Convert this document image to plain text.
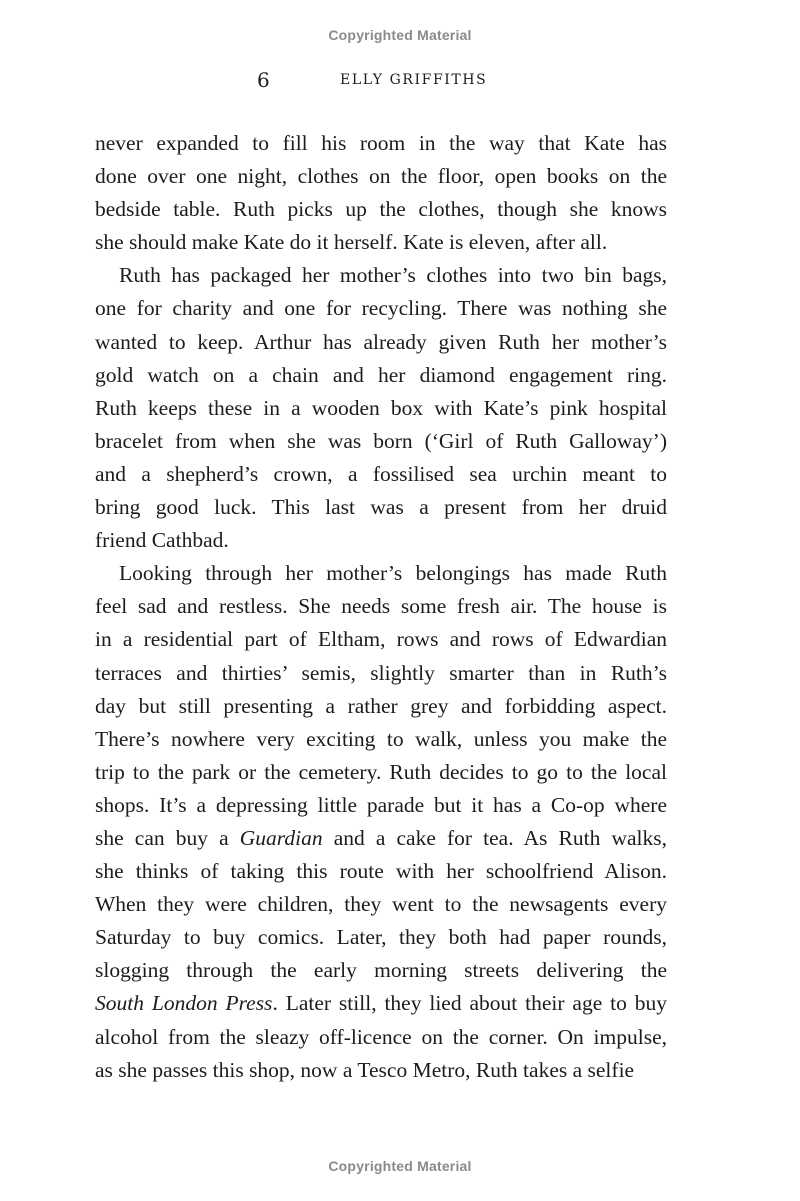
Copyrighted Material
6	ELLY GRIFFITHS
never expanded to fill his room in the way that Kate has
done over one night, clothes on the floor, open books on the
bedside table. Ruth picks up the clothes, though she knows
she should make Kate do it herself. Kate is eleven, after all.
Ruth has packaged her mother’s clothes into two bin bags,
one for charity and one for recycling. There was nothing she
wanted to keep. Arthur has already given Ruth her mother’s
gold watch on a chain and her diamond engagement ring.
Ruth keeps these in a wooden box with Kate’s pink hospital
bracelet from when she was born (‘Girl of Ruth Galloway’)
and a shepherd’s crown, a fossilised sea urchin meant to
bring good luck. This last was a present from her druid
friend Cathbad.
Looking through her mother’s belongings has made Ruth
feel sad and restless. She needs some fresh air. The house is
in a residential part of Eltham, rows and rows of Edwardian
terraces and thirties’ semis, slightly smarter than in Ruth’s
day but still presenting a rather grey and forbidding aspect.
There’s nowhere very exciting to walk, unless you make the
trip to the park or the cemetery. Ruth decides to go to the local
shops. It’s a depressing little parade but it has a Co-op where
she can buy a Guardian and a cake for tea. As Ruth walks,
she thinks of taking this route with her schoolfriend Alison.
When they were children, they went to the newsagents every
Saturday to buy comics. Later, they both had paper rounds,
slogging through the early morning streets delivering the
South London Press. Later still, they lied about their age to buy
alcohol from the sleazy off-licence on the corner. On impulse,
as she passes this shop, now a Tesco Metro, Ruth takes a selfie
Copyrighted Material
